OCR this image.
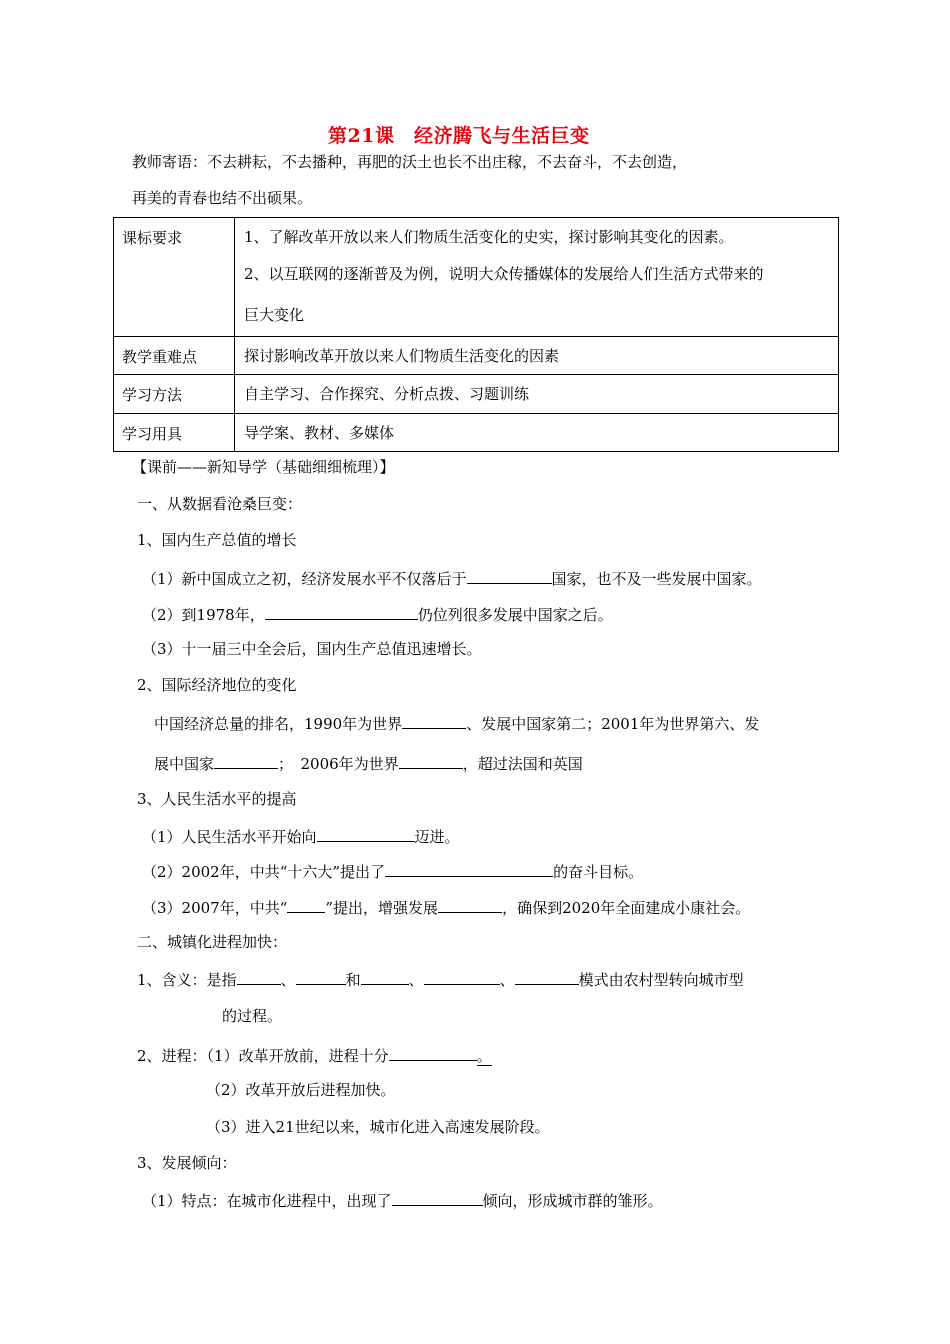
第21课　经济腾飞与生活巨变
教师寄语：不去耕耘，不去播种，再肥的沃土也长不出庄稼，不去奋斗，不去创造，
再美的青春也结不出硕果。
课标要求	1、了解改革开放以来人们物质生活变化的史实，探讨影响其变化的因素。
2、以互联网的逐渐普及为例，说明大众传播媒体的发展给人们生活方式带来的
巨大变化

教学重难点	探讨影响改革开放以来人们物质生活变化的因素

学习方法	自主学习、合作探究、分析点拨、习题训练

学习用具	导学案、教材、多媒体
【课前——新知导学（基础细细梳理）】
一、从数据看沧桑巨变：
1、国内生产总值的增长
（1）新中国成立之初，经济发展水平不仅落后于	国家，也不及一些发展中国家。
（2）到1978年，	仍位列很多发展中国家之后。
（3）十一届三中全会后，国内生产总值迅速增长。
2、国际经济地位的变化
中国经济总量的排名，1990年为世界	、发展中国家第二；2001年为世界第六、发
展中国家	；　2006年为世界	，超过法国和英国
3、人民生活水平的提高
（1）人民生活水平开始向	迈进。
（2）2002年，中共“十六大”提出了	的奋斗目标。
（3）2007年，中共“	”提出，增强发展	，确保到2020年全面建成小康社会。
二、城镇化进程加快：
1、含义：是指	、	和	、	、	模式由农村型转向城市型
的过程。
2、进程：（1）改革开放前，进程十分	。
（2）改革开放后进程加快。
（3）进入21世纪以来，城市化进入高速发展阶段。
3、发展倾向：
（1）特点：在城市化进程中，出现了	倾向，形成城市群的雏形。
